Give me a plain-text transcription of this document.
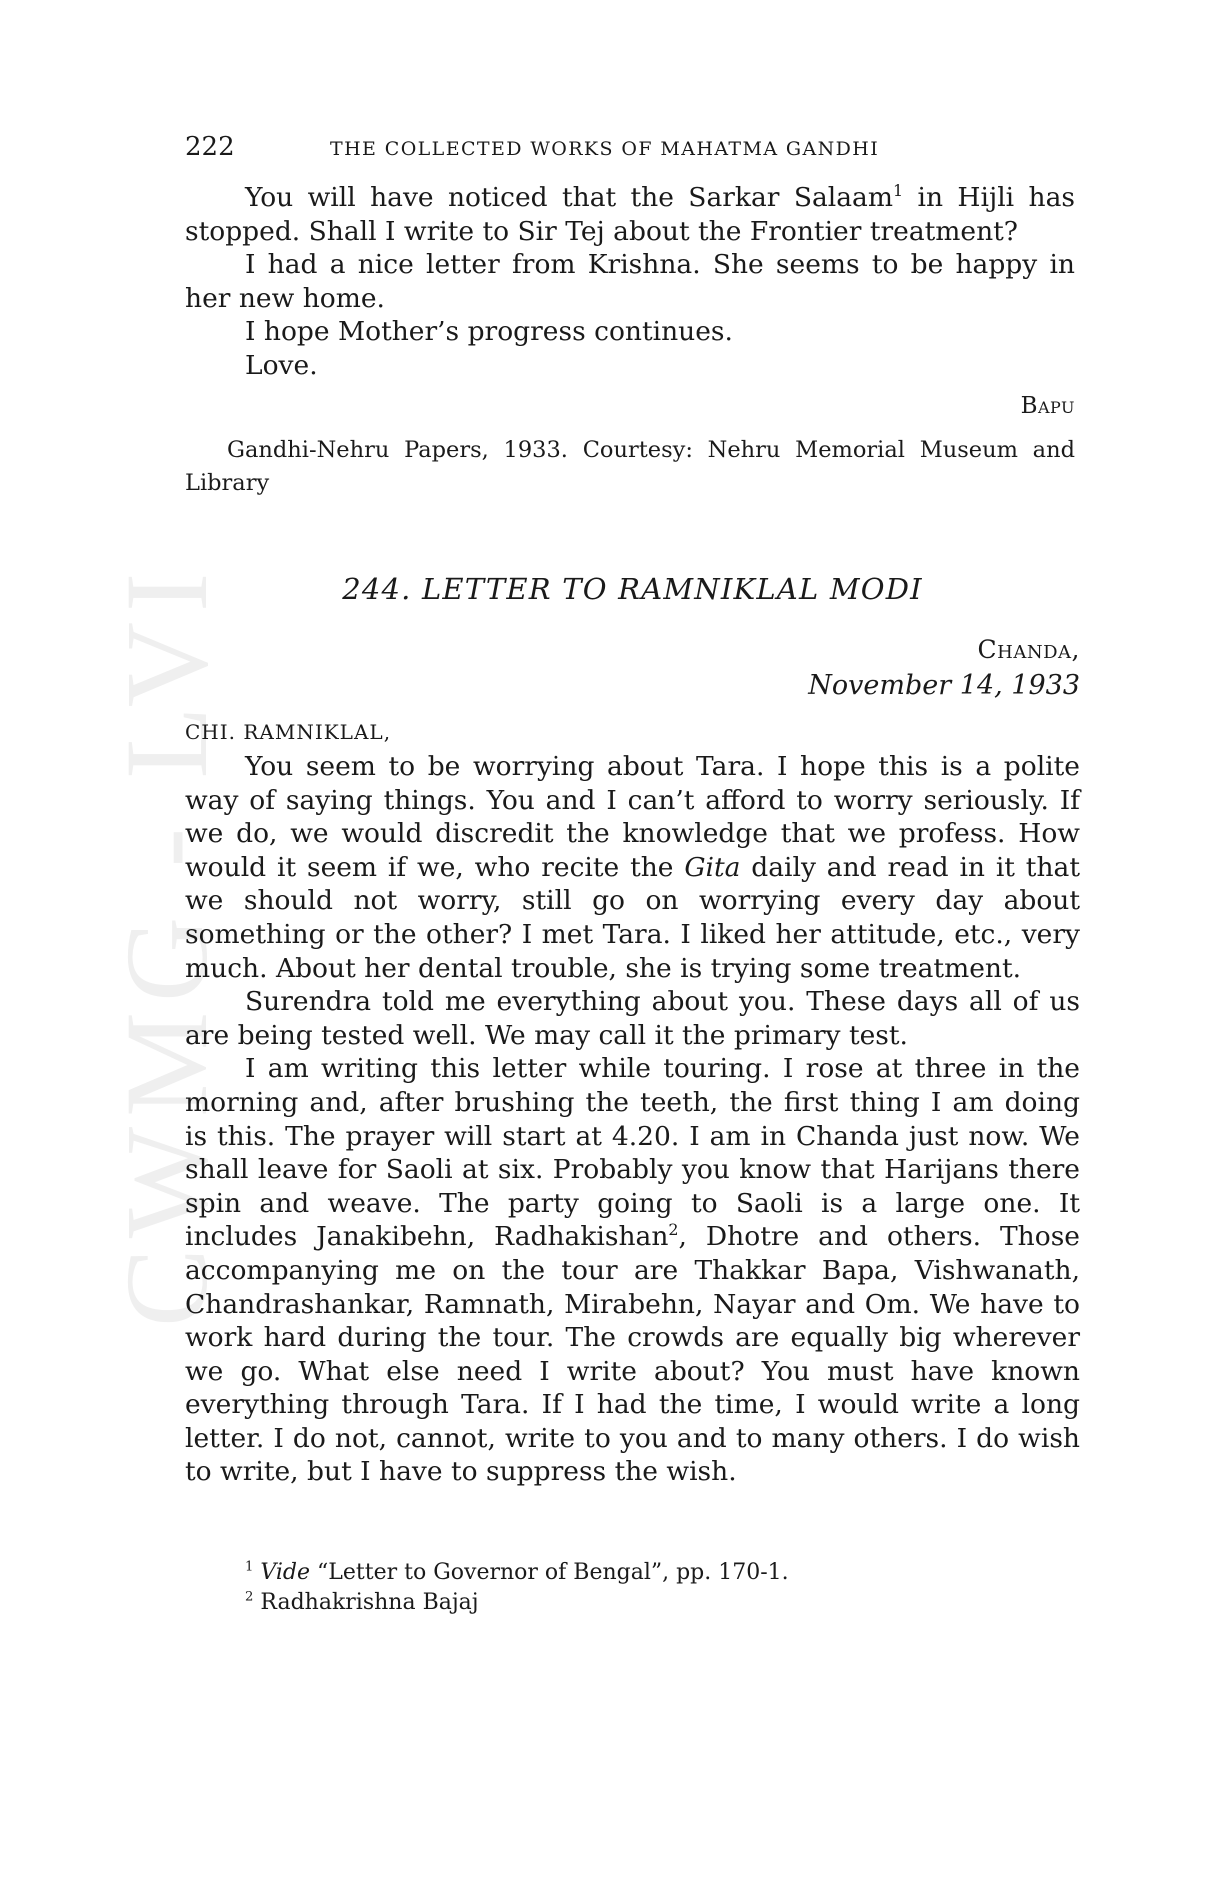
CWMG - LVI
222	THE COLLECTED WORKS OF MAHATMA GANDHI

You will have noticed that the Sarkar Salaam$^1$ in Hijli has stopped. Shall I write to Sir Tej about the Frontier treatment?

I had a nice letter from Krishna. She seems to be happy in her new home.

I hope Mother’s progress continues.

Love.

Bapu
Gandhi-Nehru Papers, 1933. Courtesy: Nehru Memorial Museum and Library
244. LETTER TO RAMNIKLAL MODI
Chanda,
November 14, 1933
CHI. RAMNIKLAL,

You seem to be worrying about Tara. I hope this is a polite way of saying things. You and I can’t afford to worry seriously. If we do, we would discredit the knowledge that we profess. How would it seem if we, who recite the Gita daily and read in it that we should not worry, still go on worrying every day about something or the other? I met Tara. I liked her attitude, etc., very much. About her dental trouble, she is trying some treatment.

Surendra told me everything about you. These days all of us are being tested well. We may call it the primary test.

I am writing this letter while touring. I rose at three in the morning and, after brushing the teeth, the first thing I am doing is this. The prayer will start at 4.20. I am in Chanda just now. We shall leave for Saoli at six. Probably you know that Harijans there spin and weave. The party going to Saoli is a large one. It includes Janakibehn, Radhakishan$^2$, Dhotre and others. Those accompanying me on the tour are Thakkar Bapa, Vishwanath, Chandrashankar, Ramnath, Mirabehn, Nayar and Om. We have to work hard during the tour. The crowds are equally big wherever we go. What else need I write about? You must have known everything through Tara. If I had the time, I would write a long letter. I do not, cannot, write to you and to many others. I do wish to write, but I have to suppress the wish.

$^1$ Vide “Letter to Governor of Bengal”, pp. 170-1.
$^2$ Radhakrishna Bajaj
